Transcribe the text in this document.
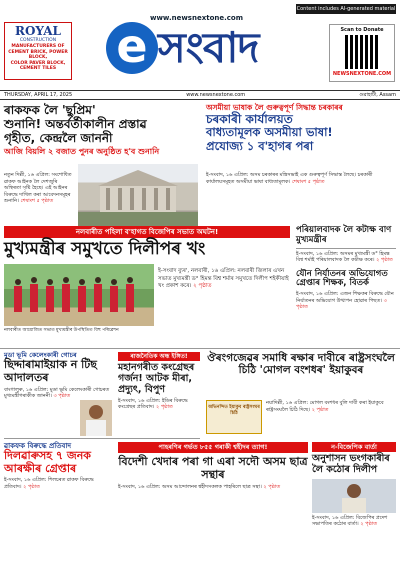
Content includes AI-generated material
ROYAL
CONSTRUCTION
MANUFACTURERS OF
CEMENT BRICK, POWER BLOCK,
COLOR PAVER BLOCK,
CEMENT TILES
www.newsnextone.com
e সংবাদ	Scan to Donate
NEWSNEXTONE.COM
THURSDAY, APRIL 17, 2025	www.newsnextone.com	গুৱাহাটী, Assam
ৰাকফক লৈ 'ছুপ্ৰিম'
শুনানি! অন্তৰ্বৰ্তীকালীন প্ৰস্তাৱ
গৃহীত, কেন্দ্ৰলৈ জাননী
আজি বিয়লি ২ বজাত পুনৰ অনুষ্ঠিত হ'ব শুনানি
নতুন দিল্লী, ১৬ এপ্ৰিল: সংশোধিত ৱাকফ আইনক লৈ দেশজুৰি অস্থিৰতা সৃষ্টি হৈছে। এই আইনৰ বিৰুদ্ধে দাখিল কৰা আবেদনসমূহৰ শুনানি। শেষাংশ ৫ পৃষ্ঠাত
অসমীয়া ভাষাক লৈ গুৰুত্বপূৰ্ণ সিদ্ধান্ত চৰকাৰৰ
চৰকাৰী কাৰ্যালয়ত
বাধ্যতামূলক অসমীয়া ভাষা!
প্ৰযোজ্য ১ ব'হাগৰ পৰা
ই-সংবাদ, ১৬ এপ্ৰিল: অসম চৰকাৰৰ মন্ত্ৰিসভাই এক গুৰুত্বপূৰ্ণ সিদ্ধান্ত লৈছে। চৰকাৰী কাৰ্যালয়সমূহত অসমীয়া ভাষা বাধ্যতামূলক। শেষাংশ ৫ পৃষ্ঠাত
নলবাৰীত পহিলা ব'হাগত বিজেপিৰ সভাত অঘটন!
মুখ্যমন্ত্ৰীৰ সমুখতে দিলীপৰ খং
নলবাৰীত আয়োজিত সভাত মুখ্যমন্ত্ৰীৰ উপস্থিতিত বিহু পৰিৱেশন
ই-সংবাদ ব্যুৰ', নলবাৰী, ১৬ এপ্ৰিল: নলবাৰী জিলাৰ এখন সভাত মুখ্যমন্ত্ৰী ড° হিমন্ত বিশ্ব শৰ্মাৰ সমুখতে দিলীপ শইকীয়াই খং প্ৰকাশ কৰে। ২ পৃষ্ঠাত
পৰিয়ালবাদক লৈ কটাক্ষ বাণ মুখ্যমন্ত্ৰীৰ
ই-সংবাদ, ১৬ এপ্ৰিল: অসমৰ মুখ্যমন্ত্ৰী ড° হিমন্ত বিশ্ব শৰ্মাই পৰিয়ালবাদক লৈ কটাক্ষ কৰে। ২ পৃষ্ঠাত
যৌন নিৰ্যাতনৰ অভিযোগত গ্ৰেপ্তাৰ শিক্ষক, বিতৰ্ক
ই-সংবাদ, ১৬ এপ্ৰিল: এজন শিক্ষকৰ বিৰুদ্ধে যৌন নিৰ্যাতনৰ অভিযোগ উত্থাপন হোৱাৰ পিছত। ৩ পৃষ্ঠাত
মুডা ভূমি কেলেংকাৰী গোচৰ
ছিদ্দাৰামাইয়াক ন টিছ আদালতৰ
বাংগালুৰু, ১৬ এপ্ৰিল: মুডা ভূমি কেলেংকাৰী গোচৰত মুখ্যমন্ত্ৰীগৰাকীক জাননী। ৩ পৃষ্ঠাত
ৰাজনৈতিক অন্ধ ইঙ্গিত!
মহানগৰীত কংগ্ৰেছৰ গৰ্জন! আটক মীৰা, প্ৰদ্যুৎ, বিপুণ
ই-সংবাদ, ১৬ এপ্ৰিল: ইডিৰ বিৰুদ্ধে কংগ্ৰেছৰ প্ৰতিবাদ। ২ পৃষ্ঠাত
ঔৰংগজেৱৰ সমাধি ৰক্ষাৰ দাবীৰে ৰাষ্ট্ৰসংঘলৈ চিঠি 'মোগল বংশধৰ' ইয়াকুবৰ
অভিনন্দিত ইয়াকুব ৰাষ্ট্ৰসংঘৰ চিঠি
নয়াদিল্লী, ১৬ এপ্ৰিল: মোগল বংশধৰ বুলি দাবী কৰা ইয়াকুবে ৰাষ্ট্ৰসংঘলৈ চিঠি দিছে। ২ পৃষ্ঠাত
ৱাকফক বিৰুদ্ধে প্ৰতিবাদ
দিলৱাৰুসহ ৭ জনক আৰক্ষীৰ গ্ৰেপ্তাৰ
ই-সংবাদ, ১৬ এপ্ৰিল: শিলচৰত ৱাকফ বিৰুদ্ধে প্ৰতিবাদ। ২ পৃষ্ঠাত
পাহৰণিৰ গৰ্ভত ৮৫৫ গৰাকী শ্বহীদৰ ত্যাগ!
বিদেশী খেদাৰ পৰা গা এৰা সদৌ অসম ছাত্ৰ সন্থাৰ
ই-সংবাদ, ১৬ এপ্ৰিল: অসম আন্দোলনৰ শ্বহীদসকলক পাহৰিলে ছাত্ৰ সন্থা। ২ পৃষ্ঠাত
ন-বিজেপিক বাৰ্তা
অনুশাসন ভংগকাৰীৰ লৈ কঠোৰ দিলীপ
ই-সংবাদ, ১৬ এপ্ৰিল: বিজেপিৰ প্ৰদেশ সভাপতিৰ কঠোৰ বাৰ্তা। ২ পৃষ্ঠাত
